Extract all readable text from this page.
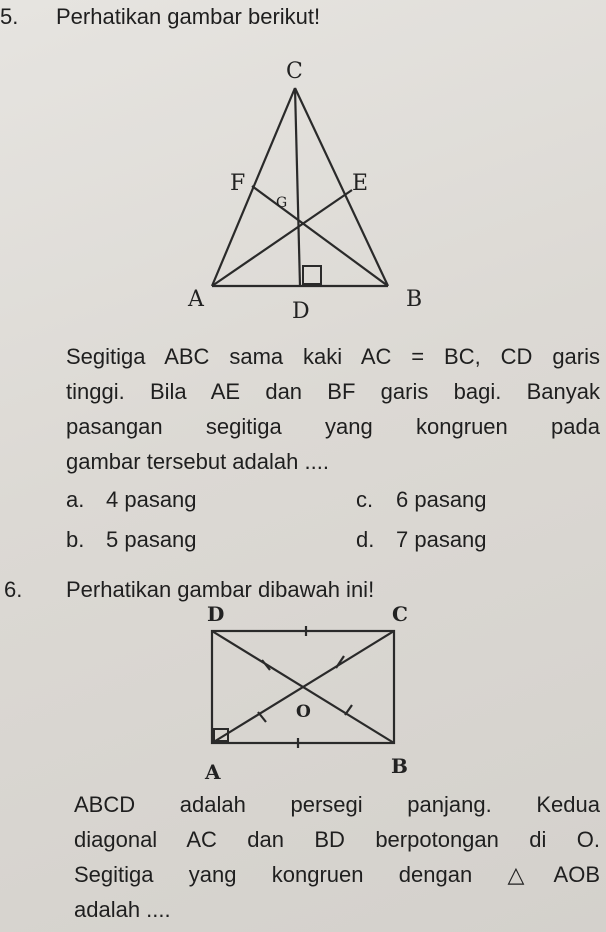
5. Perhatikan gambar berikut!
C
F	E
G
A	D	B
Segitiga ABC sama kaki AC = BC, CD garis
tinggi. Bila AE dan BF garis bagi. Banyak
pasangan segitiga yang kongruen pada
gambar tersebut adalah ....
a. 4 pasang	c. 6 pasang
b. 5 pasang	d. 7 pasang
6. Perhatikan gambar dibawah ini!
D	C
O
A	B
ABCD adalah persegi panjang. Kedua
diagonal AC dan BD berpotongan di O.
Segitiga yang kongruen dengan △AOB
adalah ....
